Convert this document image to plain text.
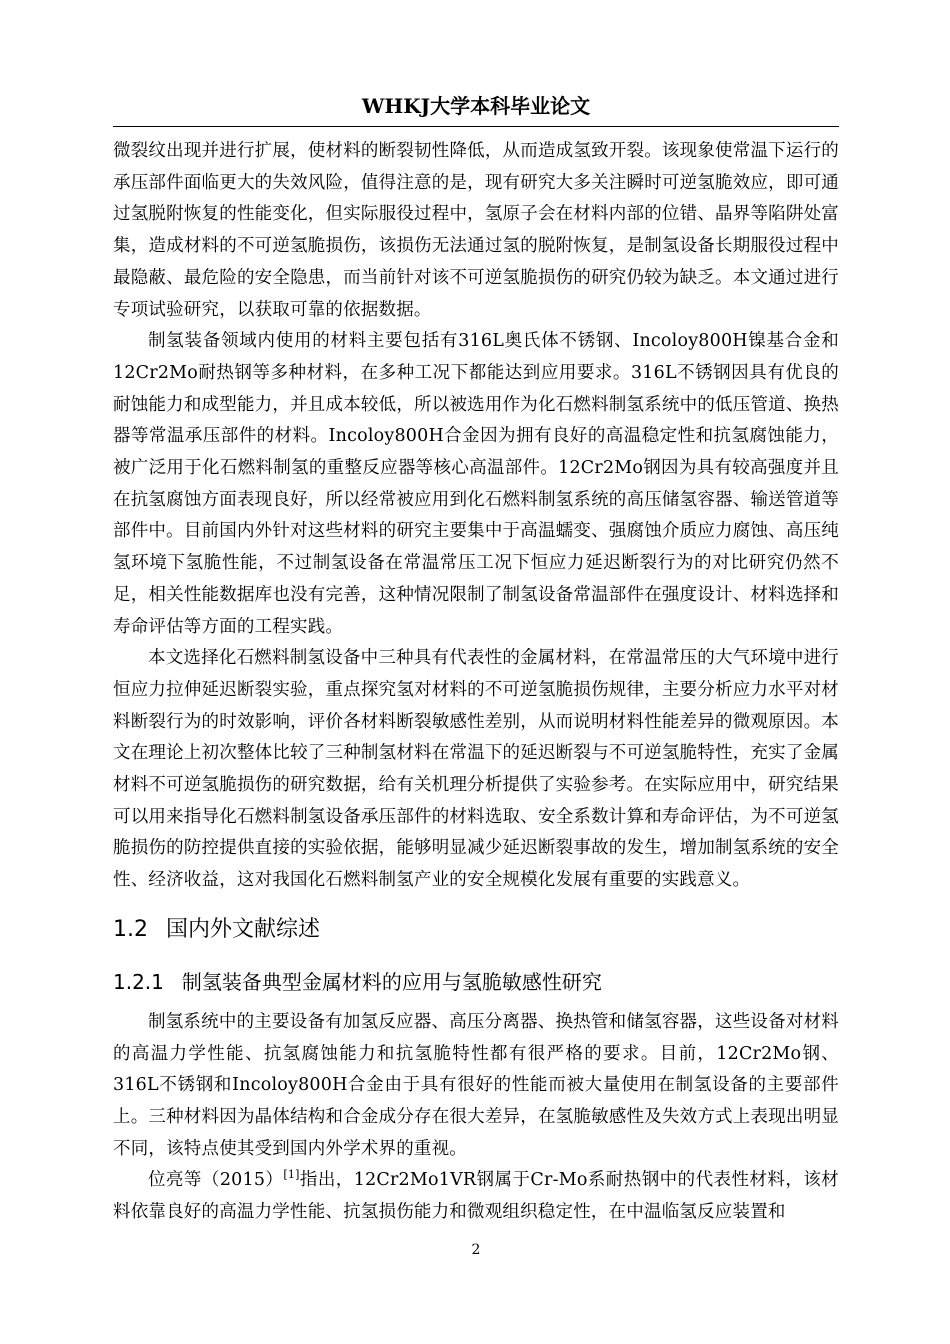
WHKJ大学本科毕业论文

微裂纹出现并进行扩展，使材料的断裂韧性降低，从而造成氢致开裂。该现象使常温下运行的承压部件面临更大的失效风险，值得注意的是，现有研究大多关注瞬时可逆氢脆效应，即可通过氢脱附恢复的性能变化，但实际服役过程中，氢原子会在材料内部的位错、晶界等陷阱处富集，造成材料的不可逆氢脆损伤，该损伤无法通过氢的脱附恢复，是制氢设备长期服役过程中最隐蔽、最危险的安全隐患，而当前针对该不可逆氢脆损伤的研究仍较为缺乏。本文通过进行专项试验研究，以获取可靠的依据数据。

制氢装备领域内使用的材料主要包括有316L奥氏体不锈钢、Incoloy800H镍基合金和12Cr2Mo耐热钢等多种材料，在多种工况下都能达到应用要求。316L不锈钢因具有优良的耐蚀能力和成型能力，并且成本较低，所以被选用作为化石燃料制氢系统中的低压管道、换热器等常温承压部件的材料。Incoloy800H合金因为拥有良好的高温稳定性和抗氢腐蚀能力，被广泛用于化石燃料制氢的重整反应器等核心高温部件。12Cr2Mo钢因为具有较高强度并且在抗氢腐蚀方面表现良好，所以经常被应用到化石燃料制氢系统的高压储氢容器、输送管道等部件中。目前国内外针对这些材料的研究主要集中于高温蠕变、强腐蚀介质应力腐蚀、高压纯氢环境下氢脆性能，不过制氢设备在常温常压工况下恒应力延迟断裂行为的对比研究仍然不足，相关性能数据库也没有完善，这种情况限制了制氢设备常温部件在强度设计、材料选择和寿命评估等方面的工程实践。

本文选择化石燃料制氢设备中三种具有代表性的金属材料，在常温常压的大气环境中进行恒应力拉伸延迟断裂实验，重点探究氢对材料的不可逆氢脆损伤规律，主要分析应力水平对材料断裂行为的时效影响，评价各材料断裂敏感性差别，从而说明材料性能差异的微观原因。本文在理论上初次整体比较了三种制氢材料在常温下的延迟断裂与不可逆氢脆特性，充实了金属材料不可逆氢脆损伤的研究数据，给有关机理分析提供了实验参考。在实际应用中，研究结果可以用来指导化石燃料制氢设备承压部件的材料选取、安全系数计算和寿命评估，为不可逆氢脆损伤的防控提供直接的实验依据，能够明显减少延迟断裂事故的发生，增加制氢系统的安全性、经济收益，这对我国化石燃料制氢产业的安全规模化发展有重要的实践意义。

1.2 国内外文献综述
1.2.1 制氢装备典型金属材料的应用与氢脆敏感性研究

制氢系统中的主要设备有加氢反应器、高压分离器、换热管和储氢容器，这些设备对材料的高温力学性能、抗氢腐蚀能力和抗氢脆特性都有很严格的要求。目前，12Cr2Mo钢、316L不锈钢和Incoloy800H合金由于具有很好的性能而被大量使用在制氢设备的主要部件上。三种材料因为晶体结构和合金成分存在很大差异，在氢脆敏感性及失效方式上表现出明显不同，该特点使其受到国内外学术界的重视。

位亮等（2015）[1]指出，12Cr2Mo1VR钢属于Cr-Mo系耐热钢中的代表性材料，该材料依靠良好的高温力学性能、抗氢损伤能力和微观组织稳定性，在中温临氢反应装置和

2
